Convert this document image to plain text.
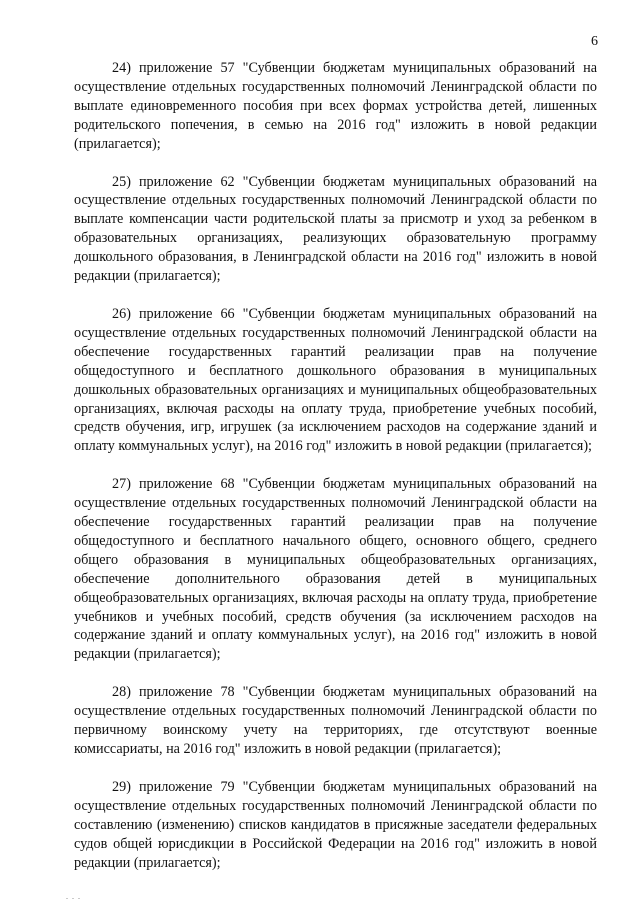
6

24) приложение 57 "Субвенции бюджетам муниципальных образований на осуществление отдельных государственных полномочий Ленинградской области по выплате единовременного пособия при всех формах устройства детей, лишенных родительского попечения, в семью на 2016 год" изложить в новой редакции (прилагается);

25) приложение 62 "Субвенции бюджетам муниципальных образований на осуществление отдельных государственных полномочий Ленинградской области по выплате компенсации части родительской платы за присмотр и уход за ребенком в образовательных организациях, реализующих образовательную программу дошкольного образования, в Ленинградской области на 2016 год" изложить в новой редакции (прилагается);

26) приложение 66 "Субвенции бюджетам муниципальных образований на осуществление отдельных государственных полномочий Ленинградской области на обеспечение государственных гарантий реализации прав на получение общедоступного и бесплатного дошкольного образования в муниципальных дошкольных образовательных организациях и муниципальных общеобразовательных организациях, включая расходы на оплату труда, приобретение учебных пособий, средств обучения, игр, игрушек (за исключением расходов на содержание зданий и оплату коммунальных услуг), на 2016 год" изложить в новой редакции (прилагается);

27) приложение 68 "Субвенции бюджетам муниципальных образований на осуществление отдельных государственных полномочий Ленинградской области на обеспечение государственных гарантий реализации прав на получение общедоступного и бесплатного начального общего, основного общего, среднего общего образования в муниципальных общеобразовательных организациях, обеспечение дополнительного образования детей в муниципальных общеобразовательных организациях, включая расходы на оплату труда, приобретение учебников и учебных пособий, средств обучения (за исключением расходов на содержание зданий и оплату коммунальных услуг), на 2016 год" изложить в новой редакции (прилагается);

28) приложение 78 "Субвенции бюджетам муниципальных образований на осуществление отдельных государственных полномочий Ленинградской области по первичному воинскому учету на территориях, где отсутствуют военные комиссариаты, на 2016 год" изложить в новой редакции (прилагается);

29) приложение 79 "Субвенции бюджетам муниципальных образований на осуществление отдельных государственных полномочий Ленинградской области по составлению (изменению) списков кандидатов в присяжные заседатели федеральных судов общей юрисдикции в Российской Федерации на 2016 год" изложить в новой редакции (прилагается);

. . .
